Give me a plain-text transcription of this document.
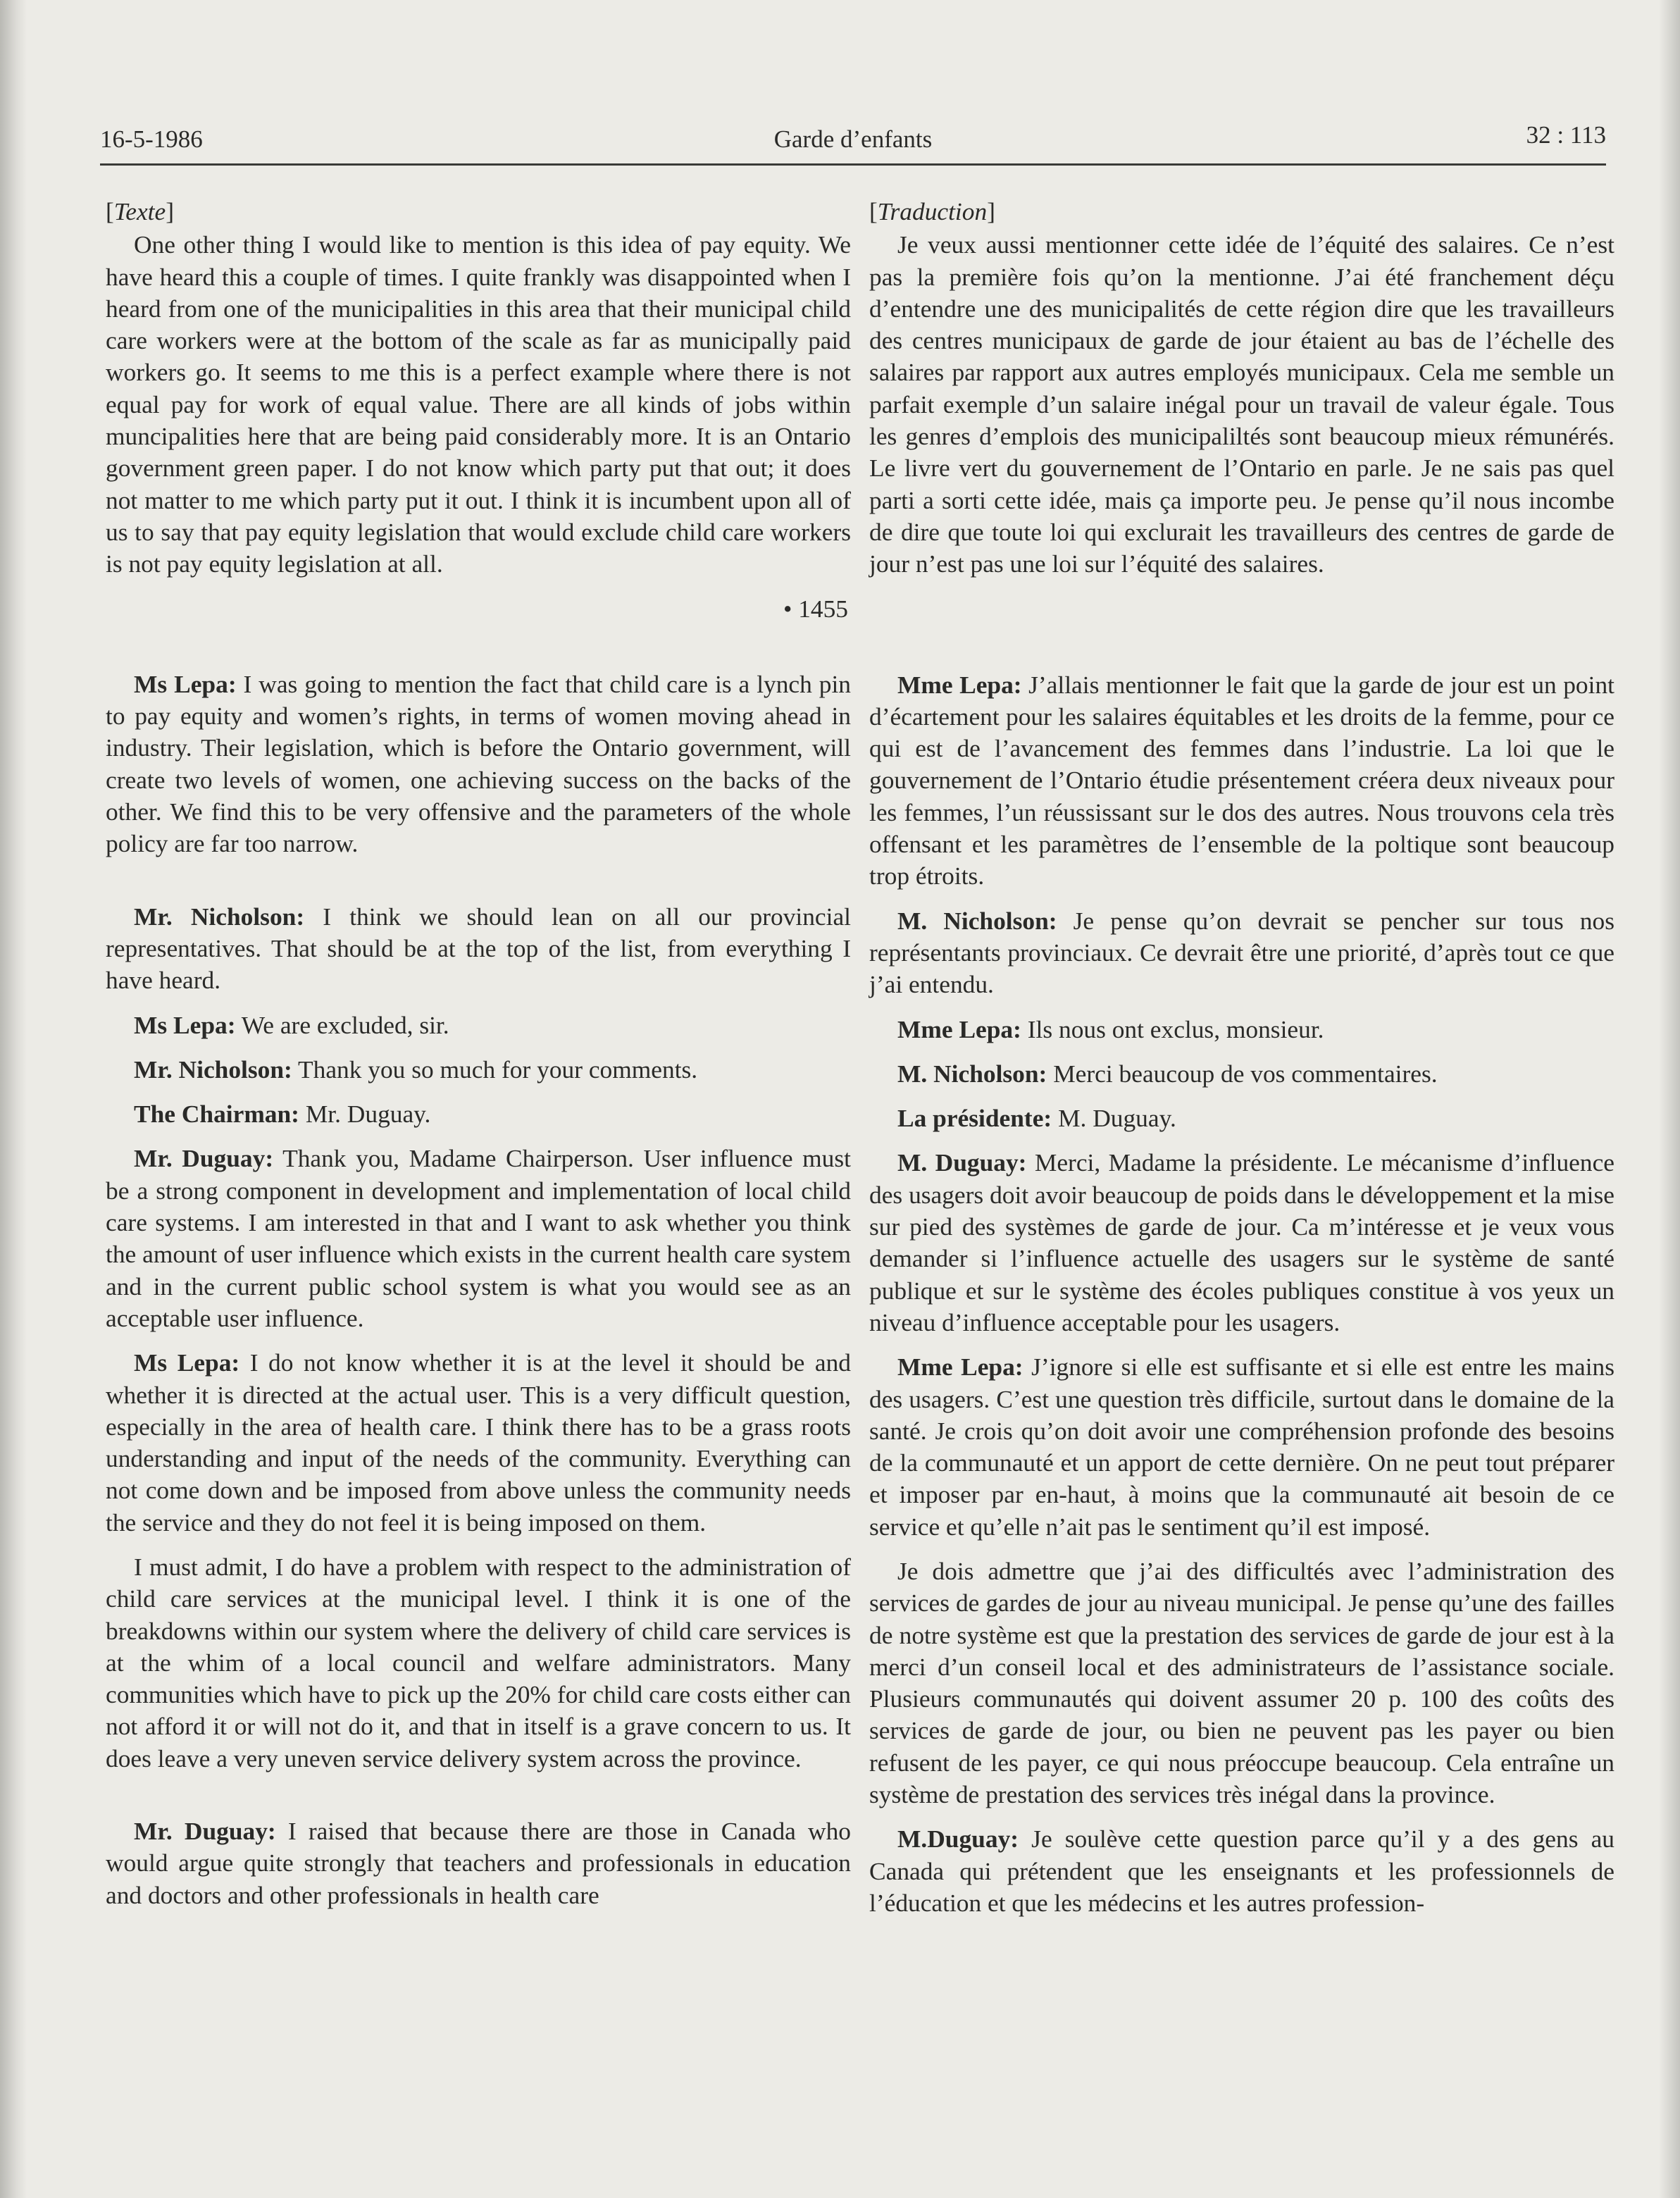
16-5-1986	Garde d’enfants	32 : 113

[Texte]

One other thing I would like to mention is this idea of pay equity. We have heard this a couple of times. I quite frankly was disappointed when I heard from one of the municipalities in this area that their municipal child care workers were at the bottom of the scale as far as municipally paid workers go. It seems to me this is a perfect example where there is not equal pay for work of equal value. There are all kinds of jobs within muncipalities here that are being paid considerably more. It is an Ontario government green paper. I do not know which party put that out; it does not matter to me which party put it out. I think it is incumbent upon all of us to say that pay equity legislation that would exclude child care workers is not pay equity legislation at all.

• 1455

Ms Lepa: I was going to mention the fact that child care is a lynch pin to pay equity and women’s rights, in terms of women moving ahead in industry. Their legislation, which is before the Ontario government, will create two levels of women, one achieving success on the backs of the other. We find this to be very offensive and the parameters of the whole policy are far too narrow.

Mr. Nicholson: I think we should lean on all our provincial representatives. That should be at the top of the list, from everything I have heard.

Ms Lepa: We are excluded, sir.

Mr. Nicholson: Thank you so much for your comments.

The Chairman: Mr. Duguay.

Mr. Duguay: Thank you, Madame Chairperson. User influence must be a strong component in development and implementation of local child care systems. I am interested in that and I want to ask whether you think the amount of user influence which exists in the current health care system and in the current public school system is what you would see as an acceptable user influence.

Ms Lepa: I do not know whether it is at the level it should be and whether it is directed at the actual user. This is a very difficult question, especially in the area of health care. I think there has to be a grass roots understanding and input of the needs of the community. Everything can not come down and be imposed from above unless the community needs the service and they do not feel it is being imposed on them.

I must admit, I do have a problem with respect to the administration of child care services at the municipal level. I think it is one of the breakdowns within our system where the delivery of child care services is at the whim of a local council and welfare administrators. Many communities which have to pick up the 20% for child care costs either can not afford it or will not do it, and that in itself is a grave concern to us. It does leave a very uneven service delivery system across the province.

Mr. Duguay: I raised that because there are those in Canada who would argue quite strongly that teachers and professionals in education and doctors and other professionals in health care

[Traduction]

Je veux aussi mentionner cette idée de l’équité des salaires. Ce n’est pas la première fois qu’on la mentionne. J’ai été franchement déçu d’entendre une des municipalités de cette région dire que les travailleurs des centres municipaux de garde de jour étaient au bas de l’échelle des salaires par rapport aux autres employés municipaux. Cela me semble un parfait exemple d’un salaire inégal pour un travail de valeur égale. Tous les genres d’emplois des municipaliltés sont beaucoup mieux rémunérés. Le livre vert du gouvernement de l’Ontario en parle. Je ne sais pas quel parti a sorti cette idée, mais ça importe peu. Je pense qu’il nous incombe de dire que toute loi qui exclurait les travailleurs des centres de garde de jour n’est pas une loi sur l’équité des salaires.

Mme Lepa: J’allais mentionner le fait que la garde de jour est un point d’écartement pour les salaires équitables et les droits de la femme, pour ce qui est de l’avancement des femmes dans l’industrie. La loi que le gouvernement de l’Ontario étudie présentement créera deux niveaux pour les femmes, l’un réussissant sur le dos des autres. Nous trouvons cela très offensant et les paramètres de l’ensemble de la poltique sont beaucoup trop étroits.

M. Nicholson: Je pense qu’on devrait se pencher sur tous nos représentants provinciaux. Ce devrait être une priorité, d’après tout ce que j’ai entendu.

Mme Lepa: Ils nous ont exclus, monsieur.

M. Nicholson: Merci beaucoup de vos commentaires.

La présidente: M. Duguay.

M. Duguay: Merci, Madame la présidente. Le mécanisme d’influence des usagers doit avoir beaucoup de poids dans le développement et la mise sur pied des systèmes de garde de jour. Ca m’intéresse et je veux vous demander si l’influence actuelle des usagers sur le système de santé publique et sur le système des écoles publiques constitue à vos yeux un niveau d’influence acceptable pour les usagers.

Mme Lepa: J’ignore si elle est suffisante et si elle est entre les mains des usagers. C’est une question très difficile, surtout dans le domaine de la santé. Je crois qu’on doit avoir une compréhension profonde des besoins de la communauté et un apport de cette dernière. On ne peut tout préparer et imposer par en-haut, à moins que la communauté ait besoin de ce service et qu’elle n’ait pas le sentiment qu’il est imposé.

Je dois admettre que j’ai des difficultés avec l’administration des services de gardes de jour au niveau municipal. Je pense qu’une des failles de notre système est que la prestation des services de garde de jour est à la merci d’un conseil local et des administrateurs de l’assistance sociale. Plusieurs communautés qui doivent assumer 20 p. 100 des coûts des services de garde de jour, ou bien ne peuvent pas les payer ou bien refusent de les payer, ce qui nous préoccupe beaucoup. Cela entraîne un système de prestation des services très inégal dans la province.

M.Duguay: Je soulève cette question parce qu’il y a des gens au Canada qui prétendent que les enseignants et les professionnels de l’éducation et que les médecins et les autres profession-
